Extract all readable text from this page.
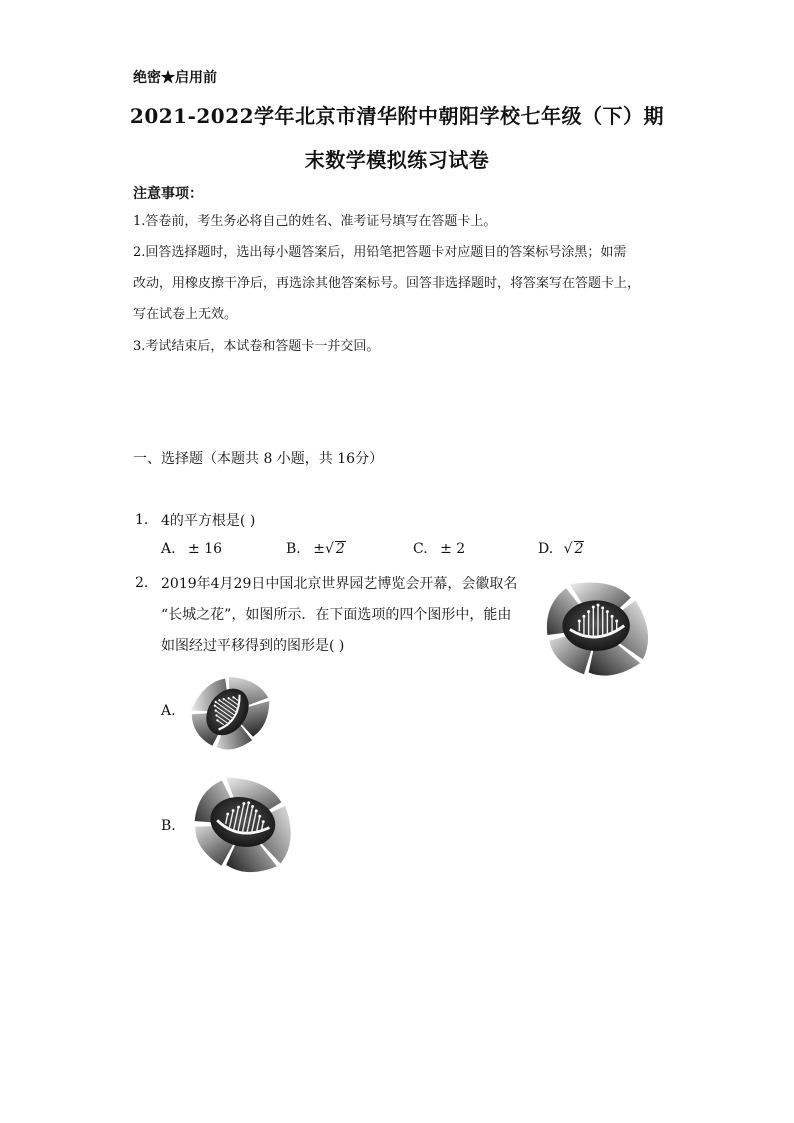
绝密★启用前
2021-2022学年北京市清华附中朝阳学校七年级（下）期
末数学模拟练习试卷
注意事项：
1.答卷前，考生务必将自己的姓名、准考证号填写在答题卡上。
2.回答选择题时，选出每小题答案后，用铅笔把答题卡对应题目的答案标号涂黑；如需
改动，用橡皮擦干净后，再选涂其他答案标号。回答非选择题时，将答案写在答题卡上，
写在试卷上无效。
3.考试结束后，本试卷和答题卡一并交回。
一、选择题（本题共 8 小题，共 16分）
1. 4的平方根是( )
A. ± 16	B. ±√ 2	C. ± 2	D. √ 2
2. 2019年4月29日中国北京世界园艺博览会开幕，会徽取名
“长城之花”，如图所示．在下面选项的四个图形中，能由
如图经过平移得到的图形是( )
A.
B.
